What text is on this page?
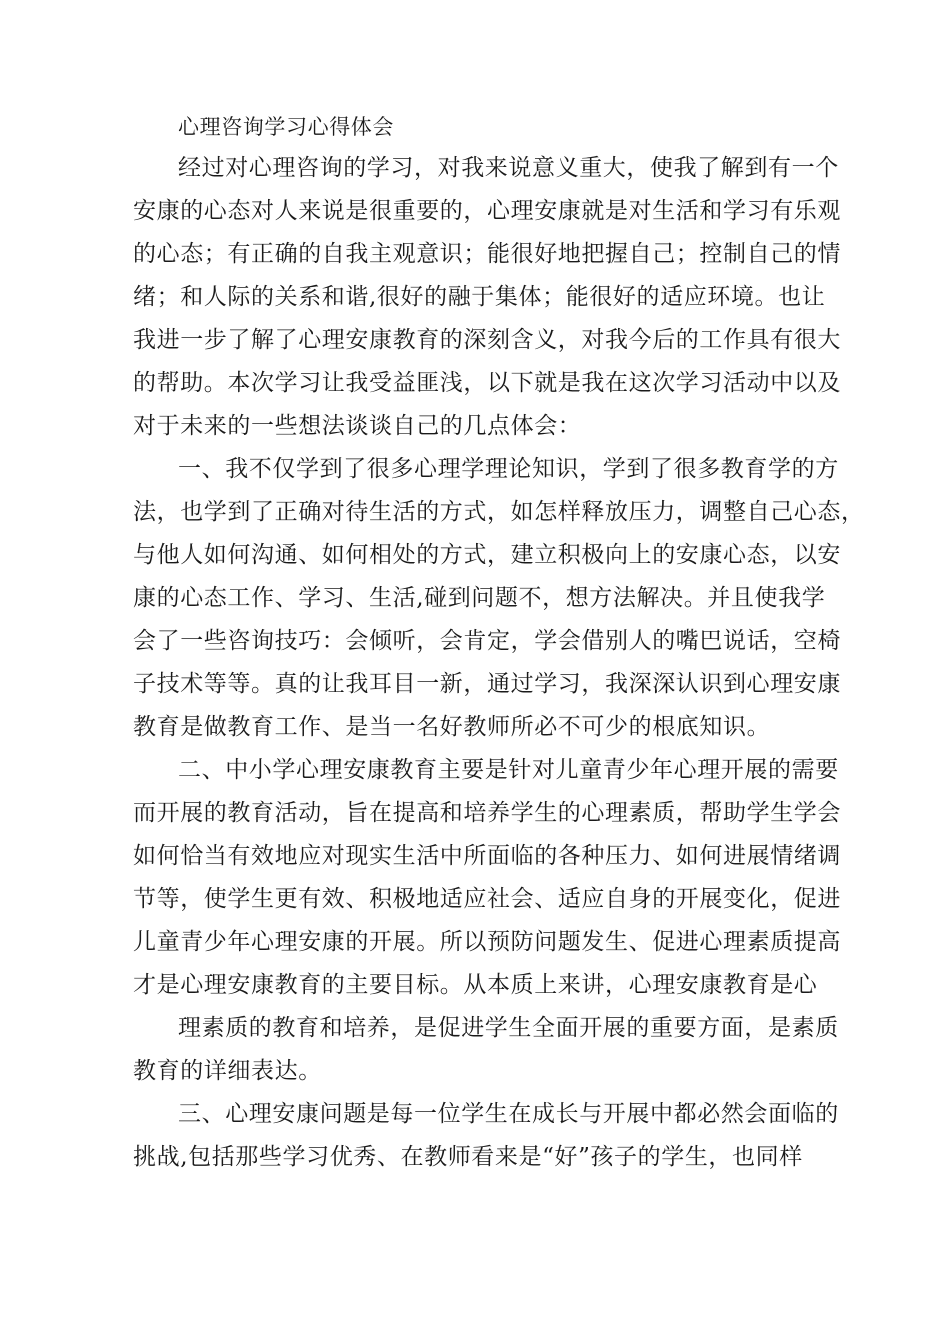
心理咨询学习心得体会
经过对心理咨询的学习，对我来说意义重大，使我了解到有一个
安康的心态对人来说是很重要的，心理安康就是对生活和学习有乐观
的心态；有正确的自我主观意识；能很好地把握自己；控制自己的情
绪；和人际的关系和谐,很好的融于集体；能很好的适应环境。也让
我进一步了解了心理安康教育的深刻含义，对我今后的工作具有很大
的帮助。本次学习让我受益匪浅，以下就是我在这次学习活动中以及
对于未来的一些想法谈谈自己的几点体会：
一、我不仅学到了很多心理学理论知识，学到了很多教育学的方
法，也学到了正确对待生活的方式，如怎样释放压力，调整自己心态，
与他人如何沟通、如何相处的方式，建立积极向上的安康心态，以安
康的心态工作、学习、生活,碰到问题不，想方法解决。并且使我学
会了一些咨询技巧：会倾听，会肯定，学会借别人的嘴巴说话，空椅
子技术等等。真的让我耳目一新，通过学习，我深深认识到心理安康
教育是做教育工作、是当一名好教师所必不可少的根底知识。
二、中小学心理安康教育主要是针对儿童青少年心理开展的需要
而开展的教育活动，旨在提高和培养学生的心理素质，帮助学生学会
如何恰当有效地应对现实生活中所面临的各种压力、如何进展情绪调
节等，使学生更有效、积极地适应社会、适应自身的开展变化，促进
儿童青少年心理安康的开展。所以预防问题发生、促进心理素质提高
才是心理安康教育的主要目标。从本质上来讲，心理安康教育是心
理素质的教育和培养，是促进学生全面开展的重要方面，是素质
教育的详细表达。
三、心理安康问题是每一位学生在成长与开展中都必然会面临的
挑战,包括那些学习优秀、在教师看来是“好”孩子的学生，也同样
